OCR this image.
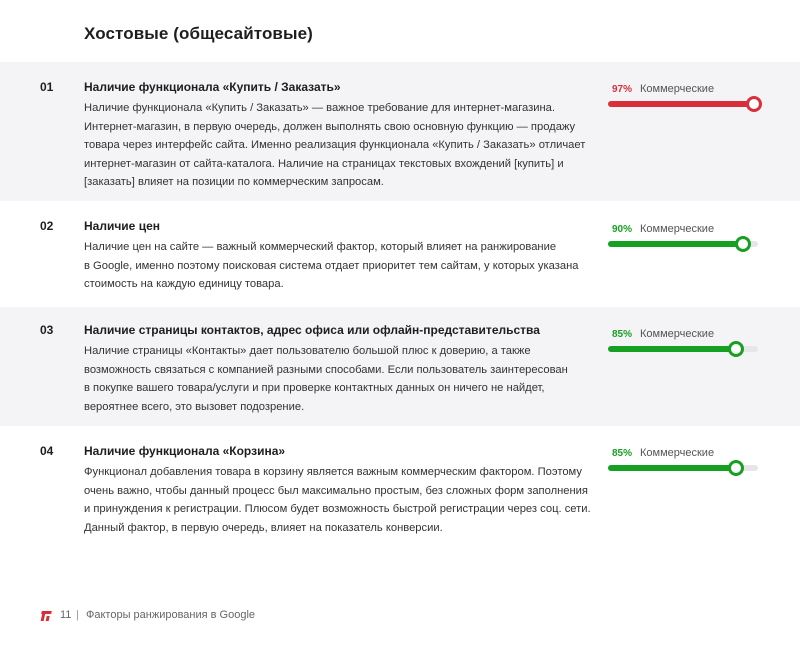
Хостовые (общесайтовые)
01	Наличие функционала «Купить / Заказать»
Наличие функционала «Купить / Заказать» — важное требование для интернет-магазина.
Интернет-магазин, в первую очередь, должен выполнять свою основную функцию — продажу
товара через интерфейс сайта. Именно реализация функционала «Купить / Заказать» отличает
интернет-магазин от сайта-каталога. Наличие на страницах текстовых вхождений [купить] и
[заказать] влияет на позиции по коммерческим запросам.
97% Коммерческие
02	Наличие цен
Наличие цен на сайте — важный коммерческий фактор, который влияет на ранжирование
в Google, именно поэтому поисковая система отдает приоритет тем сайтам, у которых указана
стоимость на каждую единицу товара.
90% Коммерческие
03	Наличие страницы контактов, адрес офиса или офлайн-представительства
Наличие страницы «Контакты» дает пользователю большой плюс к доверию, а также
возможность связаться с компанией разными способами. Если пользователь заинтересован
в покупке вашего товара/услуги и при проверке контактных данных он ничего не найдет,
вероятнее всего, это вызовет подозрение.
85% Коммерческие
04	Наличие функционала «Корзина»
Функционал добавления товара в корзину является важным коммерческим фактором. Поэтому
очень важно, чтобы данный процесс был максимально простым, без сложных форм заполнения
и принуждения к регистрации. Плюсом будет возможность быстрой регистрации через соц. сети.
Данный фактор, в первую очередь, влияет на показатель конверсии.
85% Коммерческие
11 | Факторы ранжирования в Google
